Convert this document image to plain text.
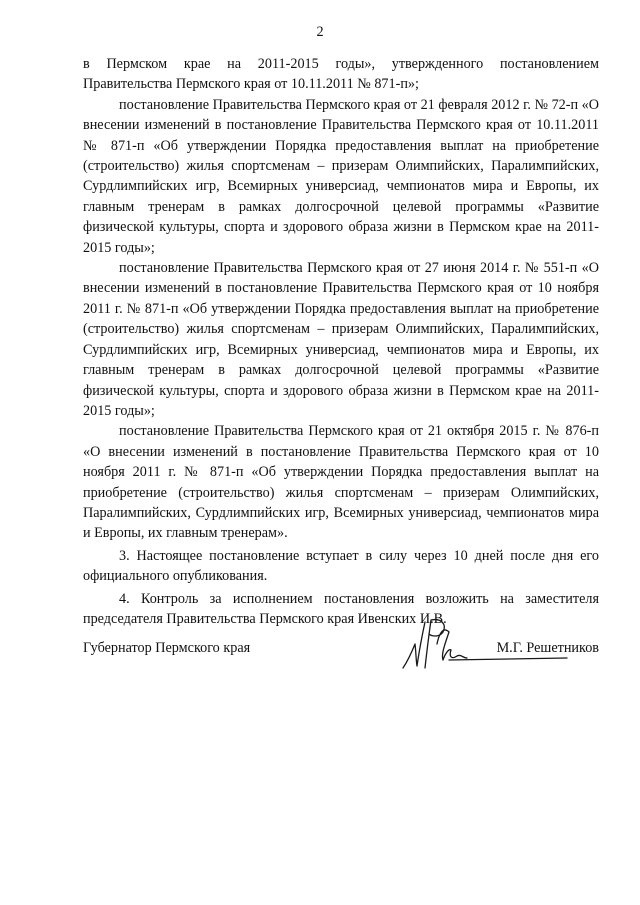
2

в Пермском крае на 2011-2015 годы», утвержденного постановлением Правительства Пермского края от 10.11.2011 № 871-п»;

постановление Правительства Пермского края от 21 февраля 2012 г. № 72-п «О внесении изменений в постановление Правительства Пермского края от 10.11.2011 № 871-п «Об утверждении Порядка предоставления выплат на приобретение (строительство) жилья спортсменам – призерам Олимпийских, Паралимпийских, Сурдлимпийских игр, Всемирных универсиад, чемпионатов мира и Европы, их главным тренерам в рамках долгосрочной целевой программы «Развитие физической культуры, спорта и здорового образа жизни в Пермском крае на 2011-2015 годы»;

постановление Правительства Пермского края от 27 июня 2014 г. № 551-п «О внесении изменений в постановление Правительства Пермского края от 10 ноября 2011 г. № 871-п «Об утверждении Порядка предоставления выплат на приобретение (строительство) жилья спортсменам – призерам Олимпийских, Паралимпийских, Сурдлимпийских игр, Всемирных универсиад, чемпионатов мира и Европы, их главным тренерам в рамках долгосрочной целевой программы «Развитие физической культуры, спорта и здорового образа жизни в Пермском крае на 2011-2015 годы»;

постановление Правительства Пермского края от 21 октября 2015 г. № 876-п «О внесении изменений в постановление Правительства Пермского края от 10 ноября 2011 г. № 871-п «Об утверждении Порядка предоставления выплат на приобретение (строительство) жилья спортсменам – призерам Олимпийских, Паралимпийских, Сурдлимпийских игр, Всемирных универсиад, чемпионатов мира и Европы, их главным тренерам».

3. Настоящее постановление вступает в силу через 10 дней после дня его официального опубликования.

4. Контроль за исполнением постановления возложить на заместителя председателя Правительства Пермского края Ивенских И.В.

Губернатор Пермского края	М.Г. Решетников
